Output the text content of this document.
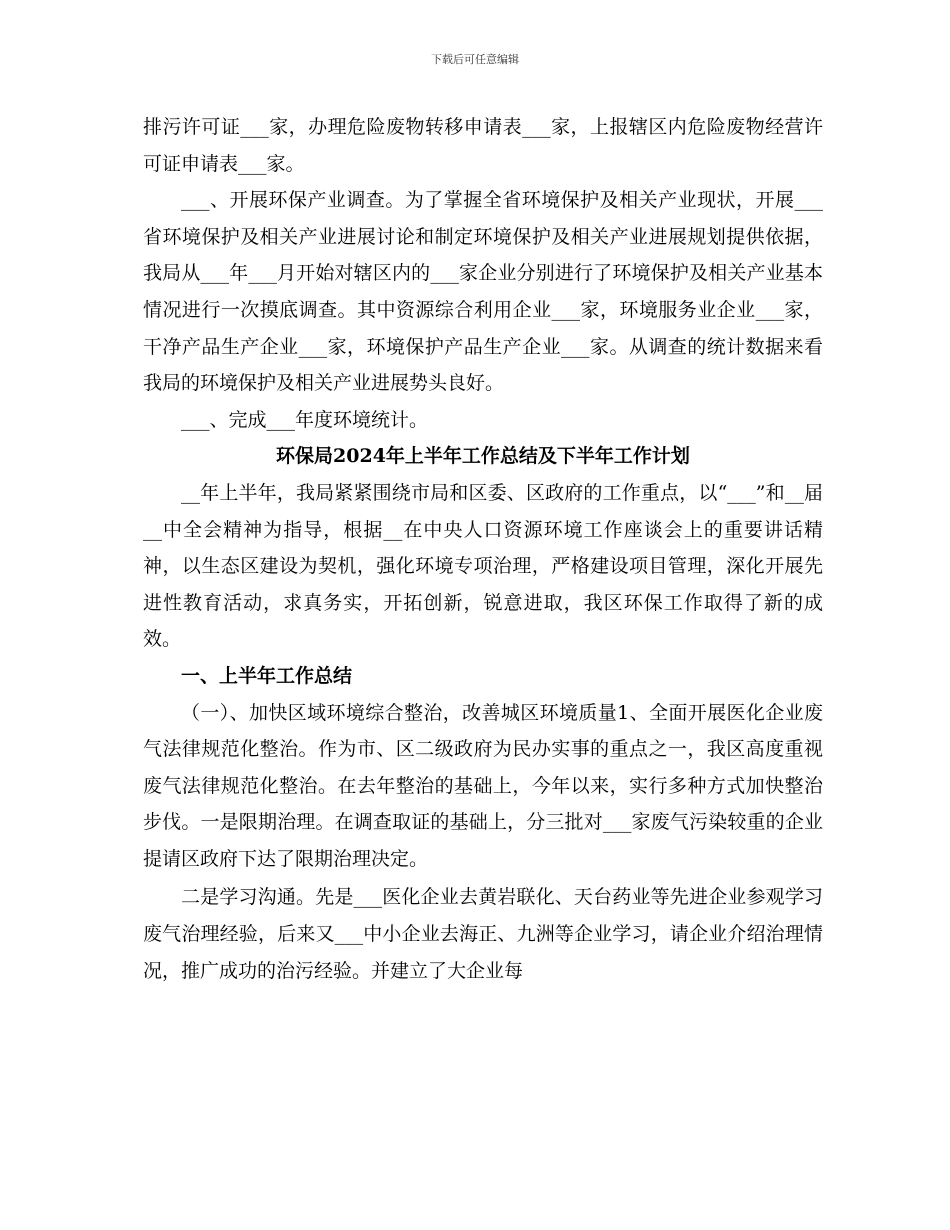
下载后可任意编辑

排污许可证___家，办理危险废物转移申请表___家，上报辖区内危险废物经营许可证申请表___家。

___、开展环保产业调查。为了掌握全省环境保护及相关产业现状，开展___省环境保护及相关产业进展讨论和制定环境保护及相关产业进展规划提供依据，我局从___年___月开始对辖区内的___家企业分别进行了环境保护及相关产业基本情况进行一次摸底调查。其中资源综合利用企业___家，环境服务业企业___家，干净产品生产企业___家，环境保护产品生产企业___家。从调查的统计数据来看我局的环境保护及相关产业进展势头良好。

___、完成___年度环境统计。

环保局2024年上半年工作总结及下半年工作计划

__年上半年，我局紧紧围绕市局和区委、区政府的工作重点，以“___”和__届__中全会精神为指导，根据__在中央人口资源环境工作座谈会上的重要讲话精神，以生态区建设为契机，强化环境专项治理，严格建设项目管理，深化开展先进性教育活动，求真务实，开拓创新，锐意进取，我区环保工作取得了新的成效。

一、上半年工作总结

（一）、加快区域环境综合整治，改善城区环境质量1、全面开展医化企业废气法律规范化整治。作为市、区二级政府为民办实事的重点之一，我区高度重视废气法律规范化整治。在去年整治的基础上，今年以来，实行多种方式加快整治步伐。一是限期治理。在调查取证的基础上，分三批对___家废气污染较重的企业提请区政府下达了限期治理决定。

二是学习沟通。先是___医化企业去黄岩联化、天台药业等先进企业参观学习废气治理经验，后来又___中小企业去海正、九洲等企业学习，请企业介绍治理情况，推广成功的治污经验。并建立了大企业每
